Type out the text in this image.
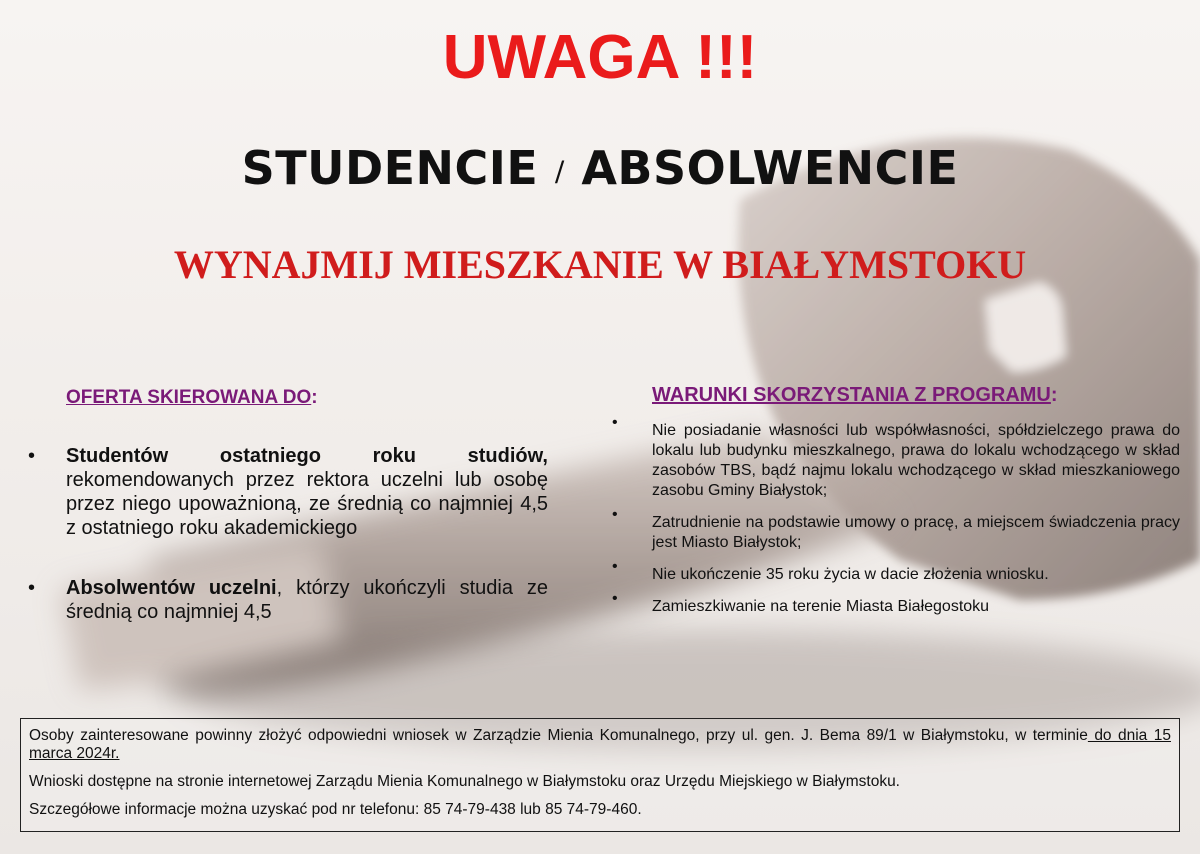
UWAGA !!!
STUDENCIE / ABSOLWENCIE
WYNAJMIJ MIESZKANIE W BIAŁYMSTOKU
OFERTA SKIEROWANA DO:
• Studentów ostatniego roku studiów, rekomendowanych przez rektora uczelni lub osobę przez niego upoważnioną, ze średnią co najmniej 4,5 z ostatniego roku akademickiego
• Absolwentów uczelni, którzy ukończyli studia ze średnią co najmniej 4,5
WARUNKI SKORZYSTANIA Z PROGRAMU:
• Nie posiadanie własności lub współwłasności, spółdzielczego prawa do lokalu lub budynku mieszkalnego, prawa do lokalu wchodzącego w skład zasobów TBS, bądź najmu lokalu wchodzącego w skład mieszkaniowego zasobu Gminy Białystok;
• Zatrudnienie na podstawie umowy o pracę, a miejscem świadczenia pracy jest Miasto Białystok;
• Nie ukończenie 35 roku życia w dacie złożenia wniosku.
• Zamieszkiwanie na terenie Miasta Białegostoku

Osoby zainteresowane powinny złożyć odpowiedni wniosek w Zarządzie Mienia Komunalnego, przy ul. gen. J. Bema 89/1 w Białymstoku, w terminie do dnia 15 marca 2024r.

Wnioski dostępne na stronie internetowej Zarządu Mienia Komunalnego w Białymstoku oraz Urzędu Miejskiego w Białymstoku.

Szczegółowe informacje można uzyskać pod nr telefonu: 85 74-79-438 lub 85 74-79-460.
